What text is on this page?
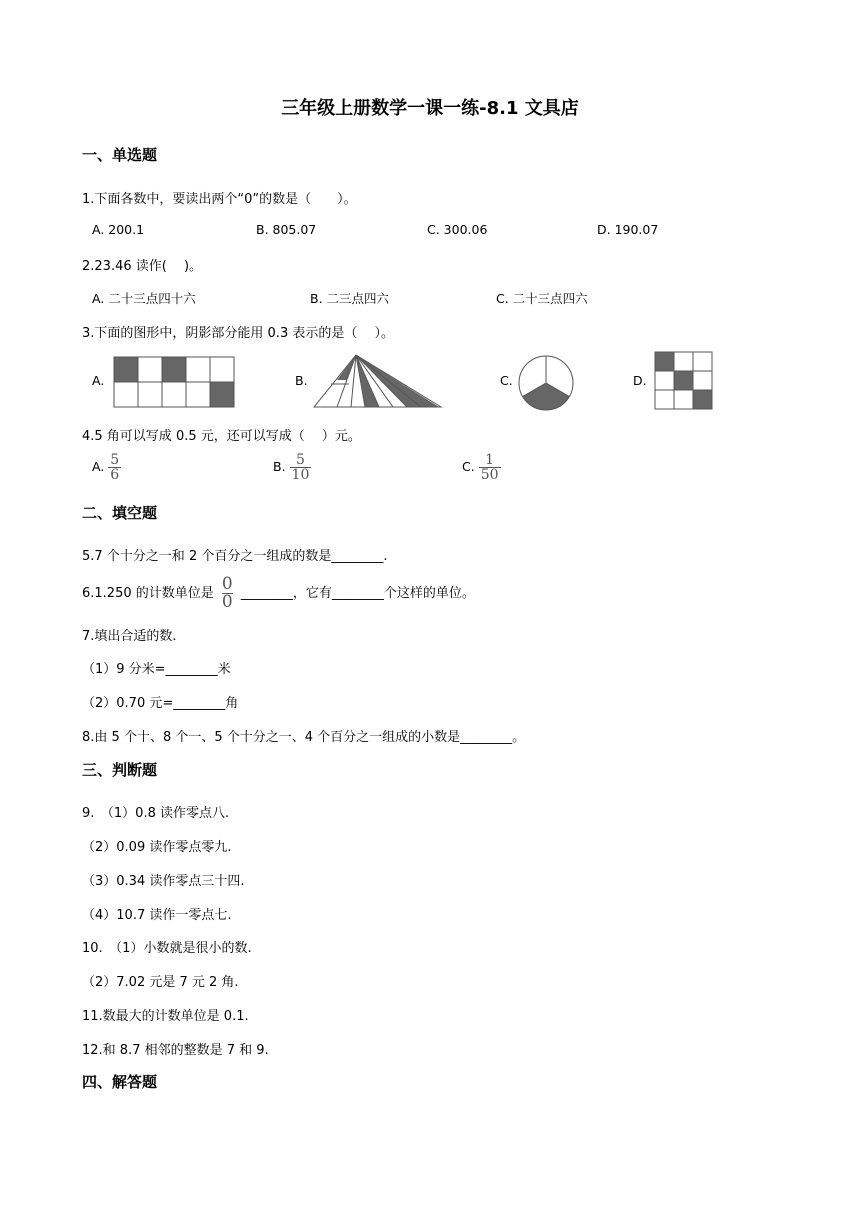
三年级上册数学一课一练-8.1 文具店
一、单选题
1.下面各数中，要读出两个“0”的数是（　　）。
A. 200.1	B. 805.07	C. 300.06	D. 190.07
2.23.46 读作(　 )。
A. 二十三点四十六	B. 二三点四六	C. 二十三点四六
3.下面的图形中，阴影部分能用 0.3 表示的是（　 ）。
A.	B.	C.	D.
4.5 角可以写成 0.5 元，还可以写成（　 ）元。
A. $\frac{5}{6}$	B. $\frac{5}{10}$	C. $\frac{1}{50}$
二、填空题
5.7 个十分之一和 2 个百分之一组成的数是________.
6.1.250 的计数单位是 $\frac{0}{0}$ ________，它有________个这样的单位。
7.填出合适的数.
（1）9 分米=________米
（2）0.70 元=________角
8.由 5 个十、8 个一、5 个十分之一、4 个百分之一组成的小数是________。
三、判断题
9.　（1）0.8 读作零点八.
（2）0.09 读作零点零九.
（3）0.34 读作零点三十四.
（4）10.7 读作一零点七.
10.　（1）小数就是很小的数.
（2）7.02 元是 7 元 2 角.
11.数最大的计数单位是 0.1.
12.和 8.7 相邻的整数是 7 和 9.
四、解答题
